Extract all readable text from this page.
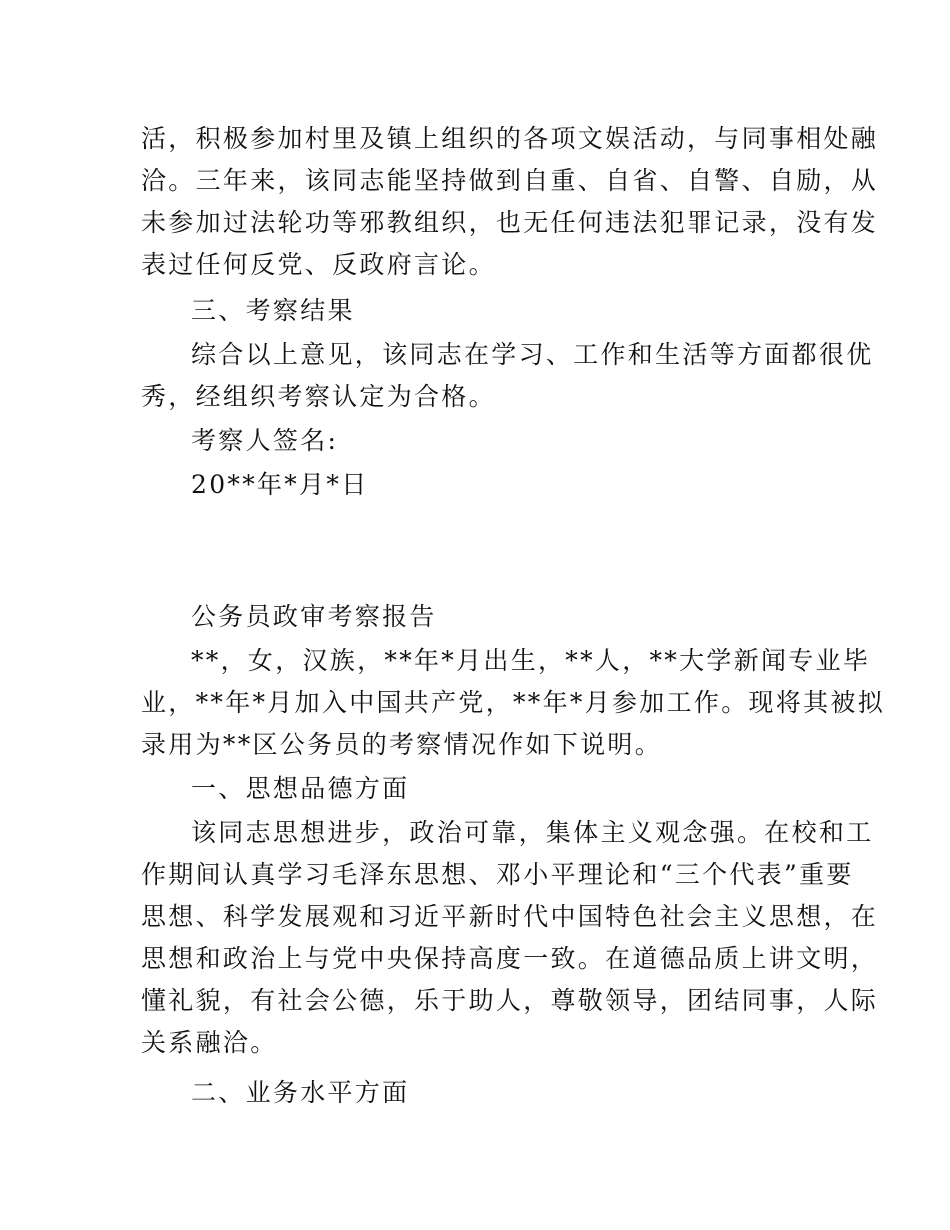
活，积极参加村里及镇上组织的各项文娱活动，与同事相处融
洽。三年来，该同志能坚持做到自重、自省、自警、自励，从
未参加过法轮功等邪教组织，也无任何违法犯罪记录，没有发
表过任何反党、反政府言论。
三、考察结果
综合以上意见，该同志在学习、工作和生活等方面都很优
秀，经组织考察认定为合格。
考察人签名:
20**年*月*日
公务员政审考察报告
**，女，汉族，**年*月出生，**人，**大学新闻专业毕
业，**年*月加入中国共产党，**年*月参加工作。现将其被拟
录用为**区公务员的考察情况作如下说明。
一、思想品德方面
该同志思想进步，政治可靠，集体主义观念强。在校和工
作期间认真学习毛泽东思想、邓小平理论和“三个代表”重要
思想、科学发展观和习近平新时代中国特色社会主义思想，在
思想和政治上与党中央保持高度一致。在道德品质上讲文明，
懂礼貌，有社会公德，乐于助人，尊敬领导，团结同事，人际
关系融洽。
二、业务水平方面
